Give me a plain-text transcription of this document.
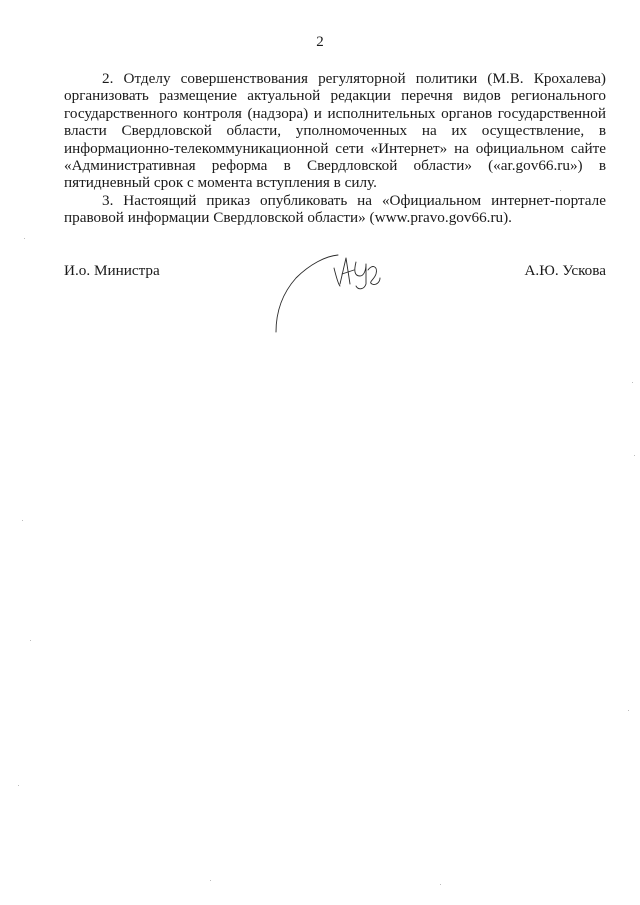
2

2. Отделу совершенствования регуляторной политики (М.В. Крохалева) организовать размещение актуальной редакции перечня видов регионального государственного контроля (надзора) и исполнительных органов государственной власти Свердловской области, уполномоченных на их осуществление, в информационно-телекоммуникационной сети «Интернет» на официальном сайте «Административная реформа в Свердловской области» («ar.gov66.ru») в пятидневный срок с момента вступления в силу.

3. Настоящий приказ опубликовать на «Официальном интернет-портале правовой информации Свердловской области» (www.pravo.gov66.ru).

И.о. Министра	А.Ю. Ускова
